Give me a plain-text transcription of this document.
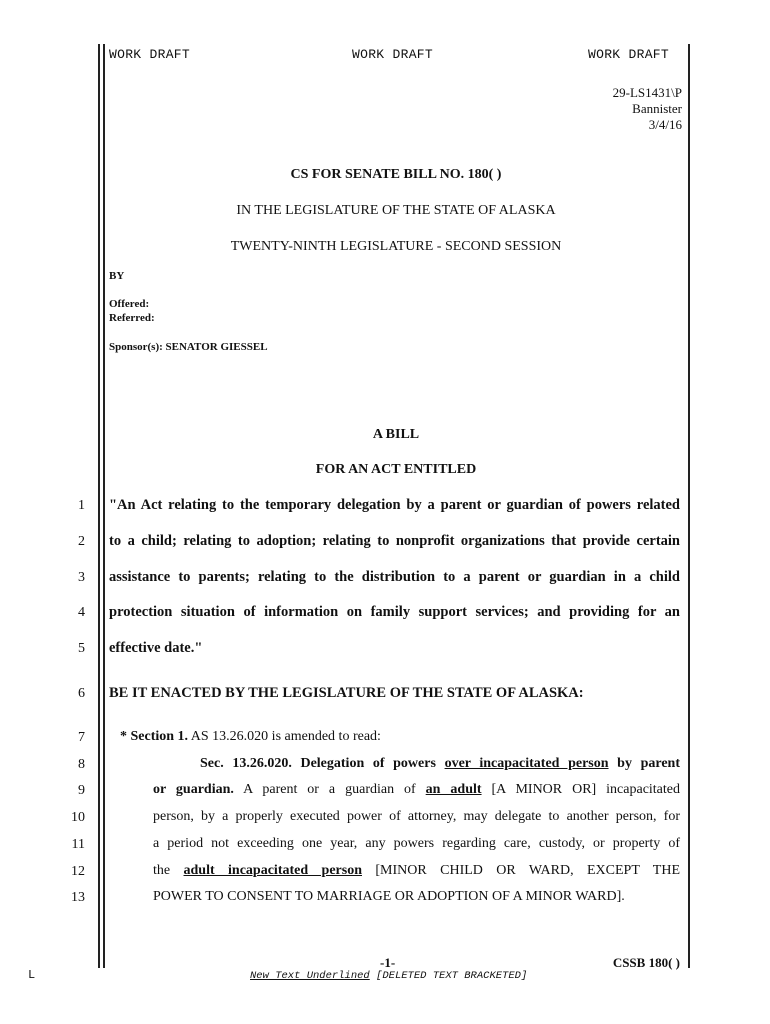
WORK DRAFT	WORK DRAFT	WORK DRAFT
29-LS1431\P
Bannister
3/4/16
CS FOR SENATE BILL NO. 180( )
IN THE LEGISLATURE OF THE STATE OF ALASKA
TWENTY-NINTH LEGISLATURE - SECOND SESSION
BY
Offered:
Referred:
Sponsor(s): SENATOR GIESSEL
A BILL
FOR AN ACT ENTITLED
1
2
3
4
5
6
7
8
9
10
11
12
13
"An Act relating to the temporary delegation by a parent or guardian of powers related
to a child; relating to adoption; relating to nonprofit organizations that provide certain
assistance to parents; relating to the distribution to a parent or guardian in a child
protection situation of information on family support services; and providing for an
effective date."
BE IT ENACTED BY THE LEGISLATURE OF THE STATE OF ALASKA:
* Section 1. AS 13.26.020 is amended to read:
Sec. 13.26.020. Delegation of powers over incapacitated person by parent
or guardian. A parent or a guardian of an adult [A MINOR OR] incapacitated
person, by a properly executed power of attorney, may delegate to another person, for
a period not exceeding one year, any powers regarding care, custody, or property of
the adult incapacitated person [MINOR CHILD OR WARD, EXCEPT THE
POWER TO CONSENT TO MARRIAGE OR ADOPTION OF A MINOR WARD].
-1-	CSSB 180( )
New Text Underlined [DELETED TEXT BRACKETED]
L
